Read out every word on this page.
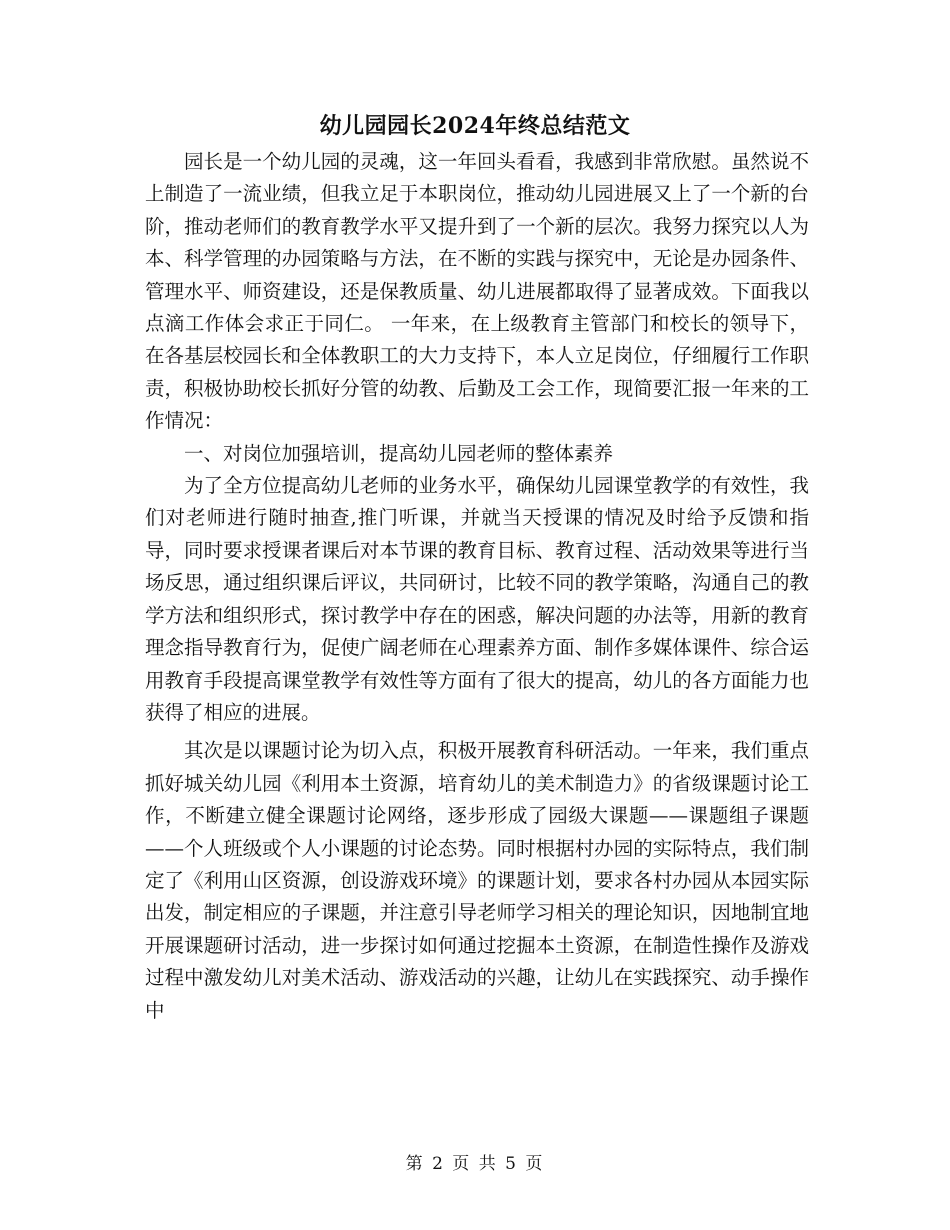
幼儿园园长2024年终总结范文

园长是一个幼儿园的灵魂，这一年回头看看，我感到非常欣慰。虽然说不上制造了一流业绩，但我立足于本职岗位，推动幼儿园进展又上了一个新的台阶，推动老师们的教育教学水平又提升到了一个新的层次。我努力探究以人为本、科学管理的办园策略与方法，在不断的实践与探究中，无论是办园条件、管理水平、师资建设，还是保教质量、幼儿进展都取得了显著成效。下面我以点滴工作体会求正于同仁。 一年来，在上级教育主管部门和校长的领导下，在各基层校园长和全体教职工的大力支持下，本人立足岗位，仔细履行工作职责，积极协助校长抓好分管的幼教、后勤及工会工作，现简要汇报一年来的工作情况：

一、对岗位加强培训，提高幼儿园老师的整体素养

为了全方位提高幼儿老师的业务水平，确保幼儿园课堂教学的有效性，我们对老师进行随时抽查,推门听课，并就当天授课的情况及时给予反馈和指导，同时要求授课者课后对本节课的教育目标、教育过程、活动效果等进行当场反思，通过组织课后评议，共同研讨，比较不同的教学策略，沟通自己的教学方法和组织形式，探讨教学中存在的困惑，解决问题的办法等，用新的教育理念指导教育行为，促使广阔老师在心理素养方面、制作多媒体课件、综合运用教育手段提高课堂教学有效性等方面有了很大的提高，幼儿的各方面能力也获得了相应的进展。

其次是以课题讨论为切入点，积极开展教育科研活动。一年来，我们重点抓好城关幼儿园《利用本土资源，培育幼儿的美术制造力》的省级课题讨论工作，不断建立健全课题讨论网络，逐步形成了园级大课题——课题组子课题——个人班级或个人小课题的讨论态势。同时根据村办园的实际特点，我们制定了《利用山区资源，创设游戏环境》的课题计划，要求各村办园从本园实际出发，制定相应的子课题，并注意引导老师学习相关的理论知识，因地制宜地开展课题研讨活动，进一步探讨如何通过挖掘本土资源，在制造性操作及游戏过程中激发幼儿对美术活动、游戏活动的兴趣，让幼儿在实践探究、动手操作中

第 2 页 共 5 页
